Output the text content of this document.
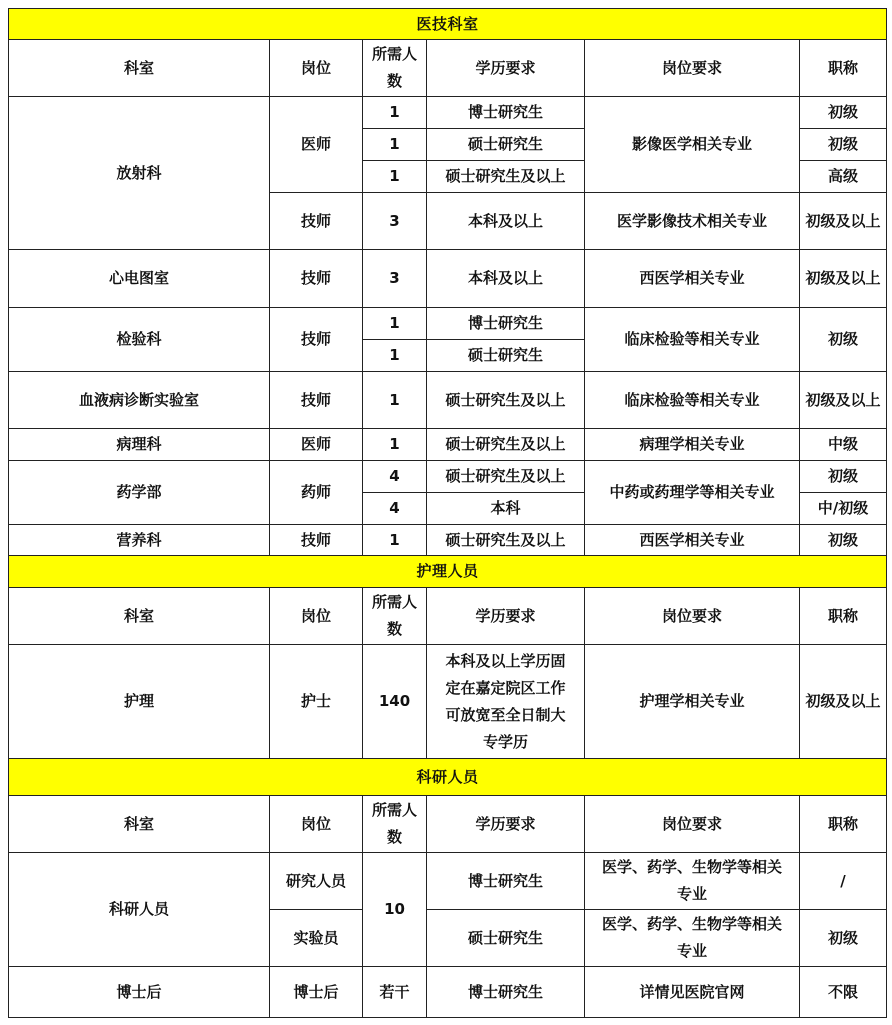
医技科室					
科室	岗位	所需人数	学历要求	岗位要求	职称
放射科	医师	1	博士研究生	影像医学相关专业	初级
		1	硕士研究生		初级
		1	硕士研究生及以上		高级
	技师	3	本科及以上	医学影像技术相关专业	初级及以上
心电图室	技师	3	本科及以上	西医学相关专业	初级及以上
检验科	技师	1	博士研究生	临床检验等相关专业	初级
		1	硕士研究生		
血液病诊断实验室	技师	1	硕士研究生及以上	临床检验等相关专业	初级及以上
病理科	医师	1	硕士研究生及以上	病理学相关专业	中级
药学部	药师	4	硕士研究生及以上	中药或药理学等相关专业	初级
		4	本科		中/初级
营养科	技师	1	硕士研究生及以上	西医学相关专业	初级
护理人员					
科室	岗位	所需人数	学历要求	岗位要求	职称
护理	护士	140	本科及以上学历固定在嘉定院区工作可放宽至全日制大专学历	护理学相关专业	初级及以上
科研人员					
科室	岗位	所需人数	学历要求	岗位要求	职称
科研人员	研究人员	10	博士研究生	医学、药学、生物学等相关专业	/
	实验员		硕士研究生	医学、药学、生物学等相关专业	初级
博士后	博士后	若干	博士研究生	详情见医院官网	不限
